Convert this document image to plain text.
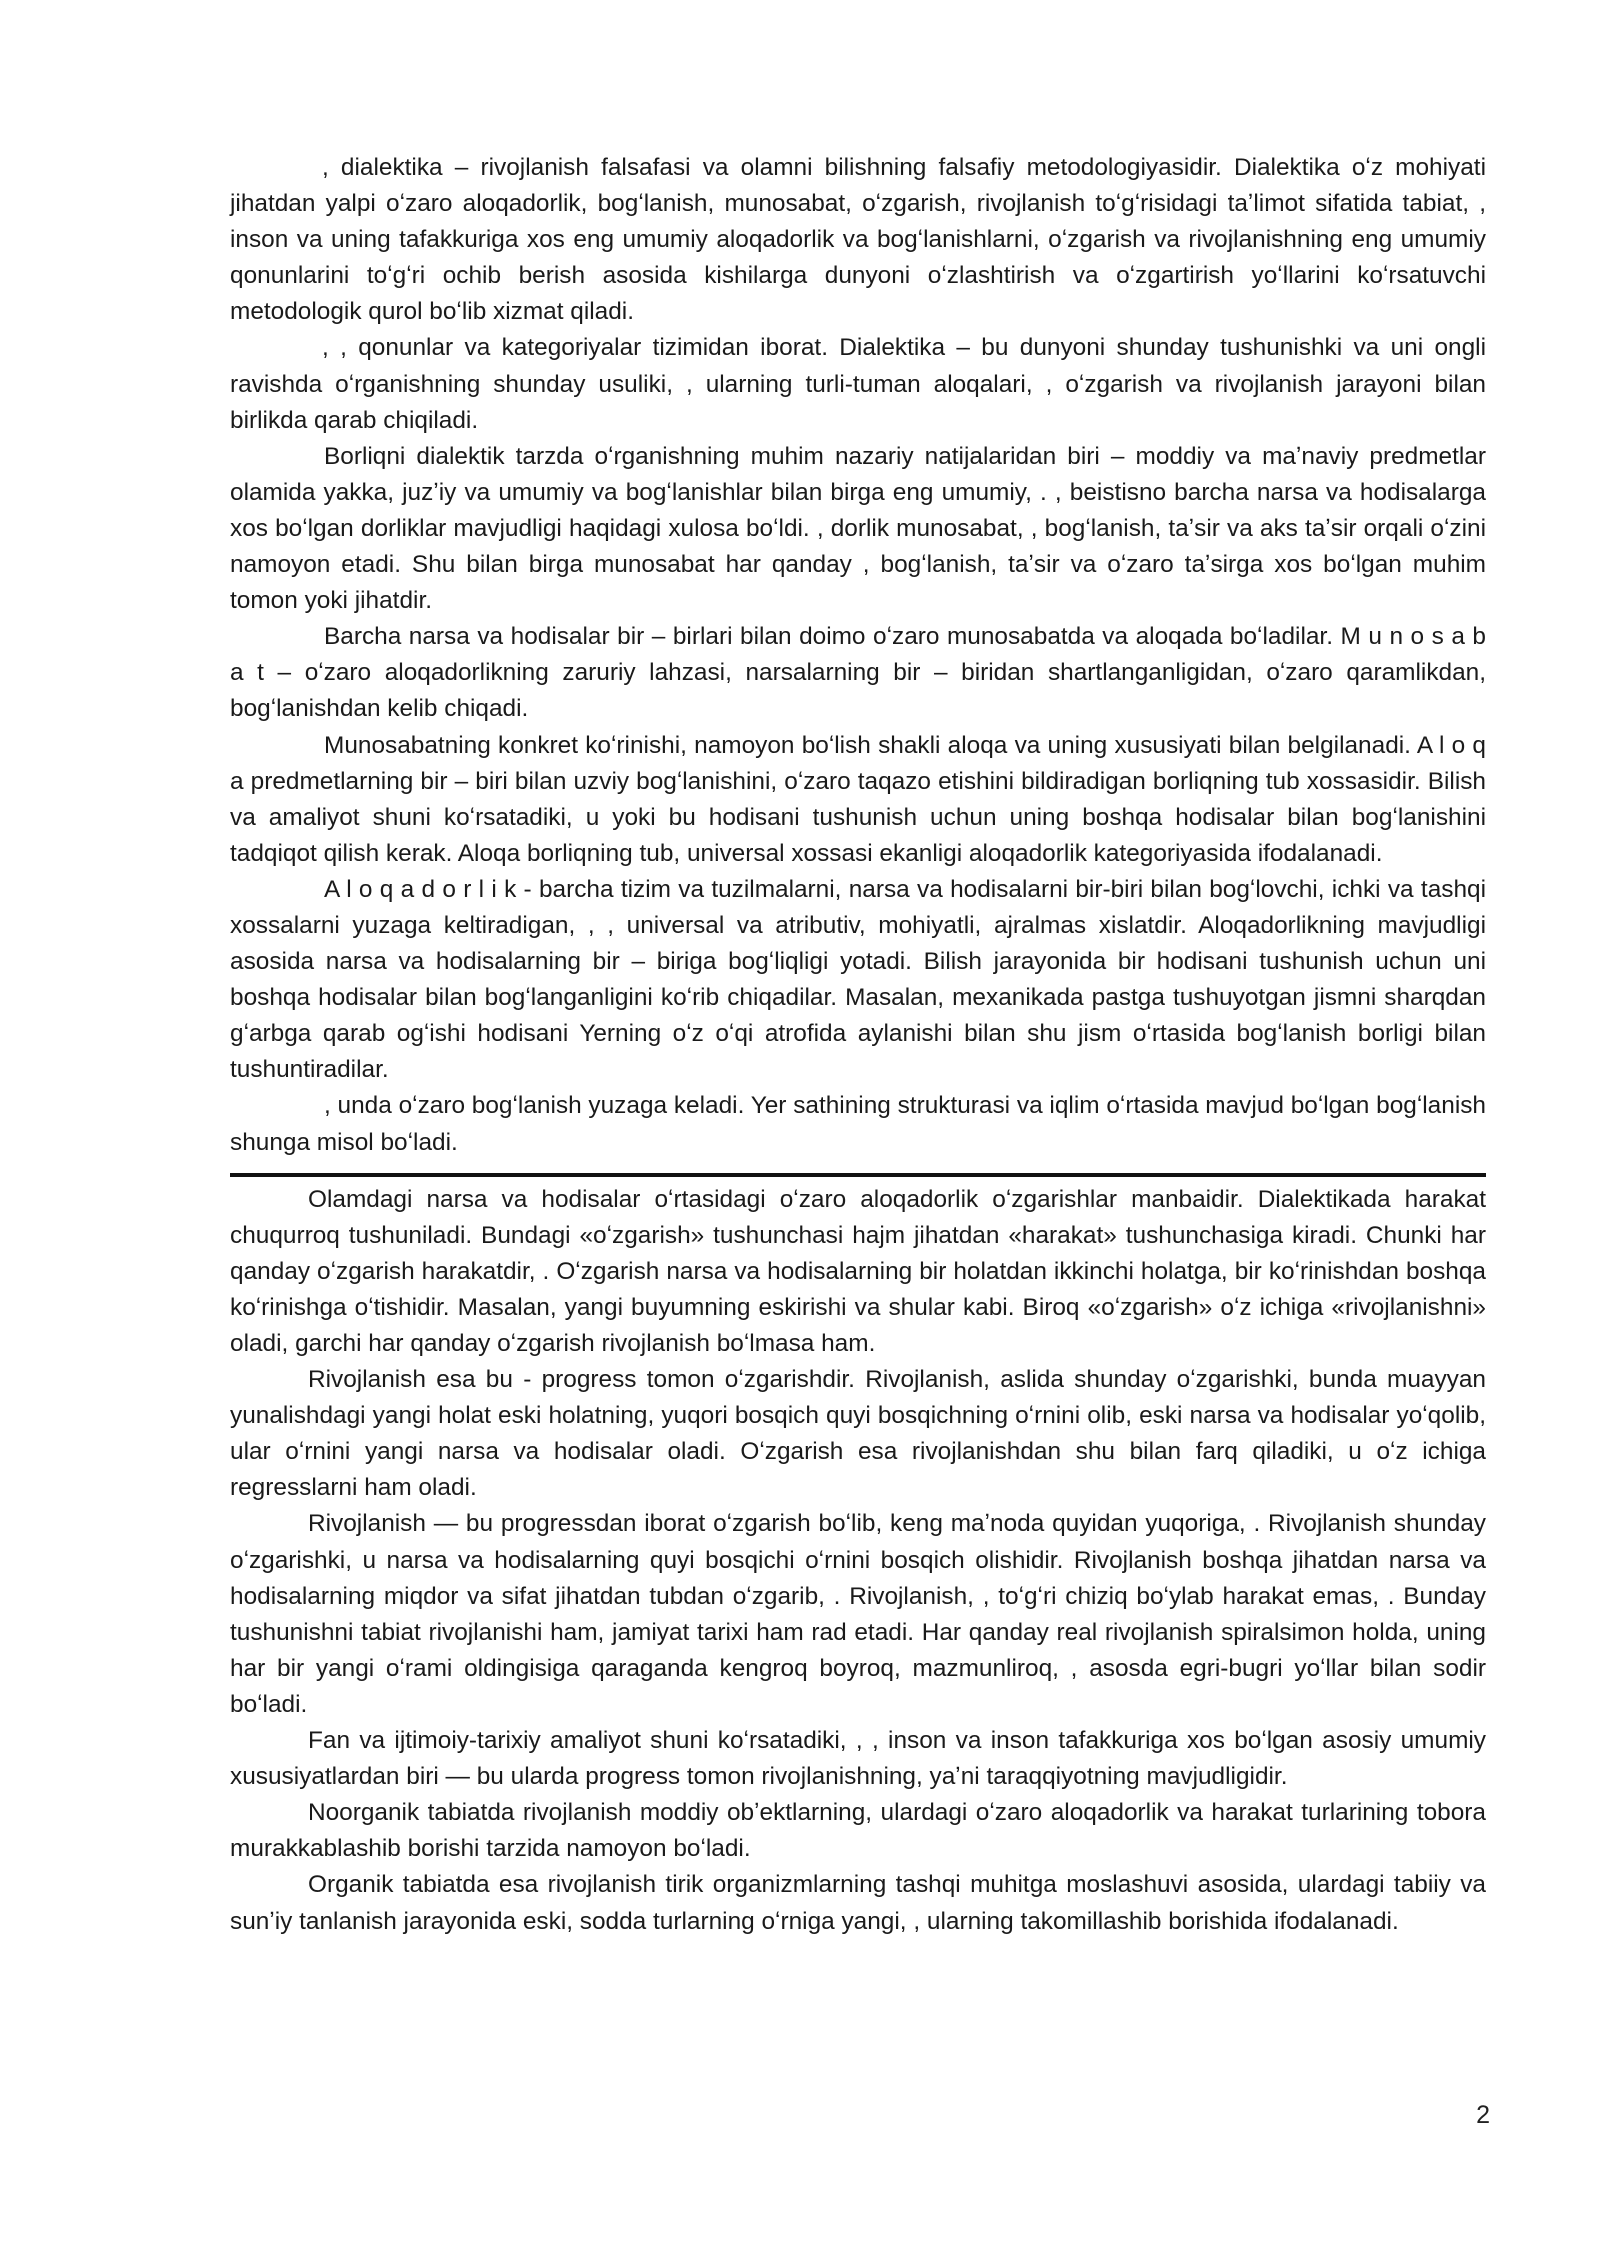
, dialektika – rivojlanish falsafasi va olamni bilishning falsafiy metodologiyasidir. Dialektika oʻz mohiyati jihatdan yalpi oʻzaro aloqadorlik, bogʻlanish, munosabat, oʻzgarish, rivojlanish toʻgʻrisidagi taʼlimot sifatida tabiat, , inson va uning tafakkuriga xos eng umumiy aloqadorlik va bogʻlanishlarni, oʻzgarish va rivojlanishning eng umumiy qonunlarini toʻgʻri ochib berish asosida kishilarga dunyoni oʻzlashtirish va oʻzgartirish yoʻllarini koʻrsatuvchi metodologik qurol boʻlib xizmat qiladi.

, , qonunlar va kategoriyalar tizimidan iborat. Dialektika – bu dunyoni shunday tushunishki va uni ongli ravishda oʻrganishning shunday usuliki, , ularning turli-tuman aloqalari, , oʻzgarish va rivojlanish jarayoni bilan birlikda qarab chiqiladi.

Borliqni dialektik tarzda oʻrganishning muhim nazariy natijalaridan biri – moddiy va maʼnaviy predmetlar olamida yakka, juzʼiy va umumiy va bogʻlanishlar bilan birga eng umumiy, . , beistisno barcha narsa va hodisalarga xos boʻlgan dorliklar mavjudligi haqidagi xulosa boʻldi. , dorlik munosabat, , bogʻlanish, taʼsir va aks taʼsir orqali oʻzini namoyon etadi. Shu bilan birga munosabat har qanday , bogʻlanish, taʼsir va oʻzaro taʼsirga xos boʻlgan muhim tomon yoki jihatdir.

Barcha narsa va hodisalar bir – birlari bilan doimo oʻzaro munosabatda va aloqada boʻladilar. M u n o s a b a t – oʻzaro aloqadorlikning zaruriy lahzasi, narsalarning bir – biridan shartlanganligidan, oʻzaro qaramlikdan, bogʻlanishdan kelib chiqadi.

Munosabatning konkret koʻrinishi, namoyon boʻlish shakli aloqa va uning xususiyati bilan belgilanadi. A l o q a predmetlarning bir – biri bilan uzviy bogʻlanishini, oʻzaro taqazo etishini bildiradigan borliqning tub xossasidir. Bilish va amaliyot shuni koʻrsatadiki, u yoki bu hodisani tushunish uchun uning boshqa hodisalar bilan bogʻlanishini tadqiqot qilish kerak. Aloqa borliqning tub, universal xossasi ekanligi aloqadorlik kategoriyasida ifodalanadi.

A l o q a d o r l i k - barcha tizim va tuzilmalarni, narsa va hodisalarni bir-biri bilan bogʻlovchi, ichki va tashqi xossalarni yuzaga keltiradigan, , , universal va atributiv, mohiyatli, ajralmas xislatdir. Aloqadorlikning mavjudligi asosida narsa va hodisalarning bir – biriga bogʻliqligi yotadi. Bilish jarayonida bir hodisani tushunish uchun uni boshqa hodisalar bilan bogʻlanganligini koʻrib chiqadilar. Masalan, mexanikada pastga tushuyotgan jismni sharqdan gʻarbga qarab ogʻishi hodisani Yerning oʻz oʻqi atrofida aylanishi bilan shu jism oʻrtasida bogʻlanish borligi bilan tushuntiradilar.

, unda oʻzaro bogʻlanish yuzaga keladi. Yer sathining strukturasi va iqlim oʻrtasida mavjud boʻlgan bogʻlanish shunga misol boʻladi.

Olamdagi narsa va hodisalar oʻrtasidagi oʻzaro aloqadorlik oʻzgarishlar manbaidir. Dialektikada harakat chuqurroq tushuniladi. Bundagi «oʻzgarish» tushunchasi hajm jihatdan «harakat» tushunchasiga kiradi. Chunki har qanday oʻzgarish harakatdir, . Oʻzgarish narsa va hodisalarning bir holatdan ikkinchi holatga, bir koʻrinishdan boshqa koʻrinishga oʻtishidir. Masalan, yangi buyumning eskirishi va shular kabi. Biroq «oʻzgarish» oʻz ichiga «rivojlanishni» oladi, garchi har qanday oʻzgarish rivojlanish boʻlmasa ham.

Rivojlanish esa bu - progress tomon oʻzgarishdir. Rivojlanish, aslida shunday oʻzgarishki, bunda muayyan yunalishdagi yangi holat eski holatning, yuqori bosqich quyi bosqichning oʻrnini olib, eski narsa va hodisalar yoʻqolib, ular oʻrnini yangi narsa va hodisalar oladi. Oʻzgarish esa rivojlanishdan shu bilan farq qiladiki, u oʻz ichiga regresslarni ham oladi.

Rivojlanish — bu progressdan iborat oʻzgarish boʻlib, keng maʼnoda quyidan yuqoriga, . Rivojlanish shunday oʻzgarishki, u narsa va hodisalarning quyi bosqichi oʻrnini bosqich olishidir. Rivojlanish boshqa jihatdan narsa va hodisalarning miqdor va sifat jihatdan tubdan oʻzgarib, . Rivojlanish, , toʻgʻri chiziq boʻylab harakat emas, . Bunday tushunishni tabiat rivojlanishi ham, jamiyat tarixi ham rad etadi. Har qanday real rivojlanish spiralsimon holda, uning har bir yangi oʻrami oldingisiga qaraganda kengroq boyroq, mazmunliroq, , asosda egri-bugri yoʻllar bilan sodir boʻladi.

Fan va ijtimoiy-tarixiy amaliyot shuni koʻrsatadiki, , , inson va inson tafakkuriga xos boʻlgan asosiy umumiy xususiyatlardan biri — bu ularda progress tomon rivojlanishning, yaʼni taraqqiyotning mavjudligidir.

Noorganik tabiatda rivojlanish moddiy obʼektlarning, ulardagi oʻzaro aloqadorlik va harakat turlarining tobora murakkablashib borishi tarzida namoyon boʻladi.

Organik tabiatda esa rivojlanish tirik organizmlarning tashqi muhitga moslashuvi asosida, ulardagi tabiiy va sunʼiy tanlanish jarayonida eski, sodda turlarning oʻrniga yangi, , ularning takomillashib borishida ifodalanadi.

2
